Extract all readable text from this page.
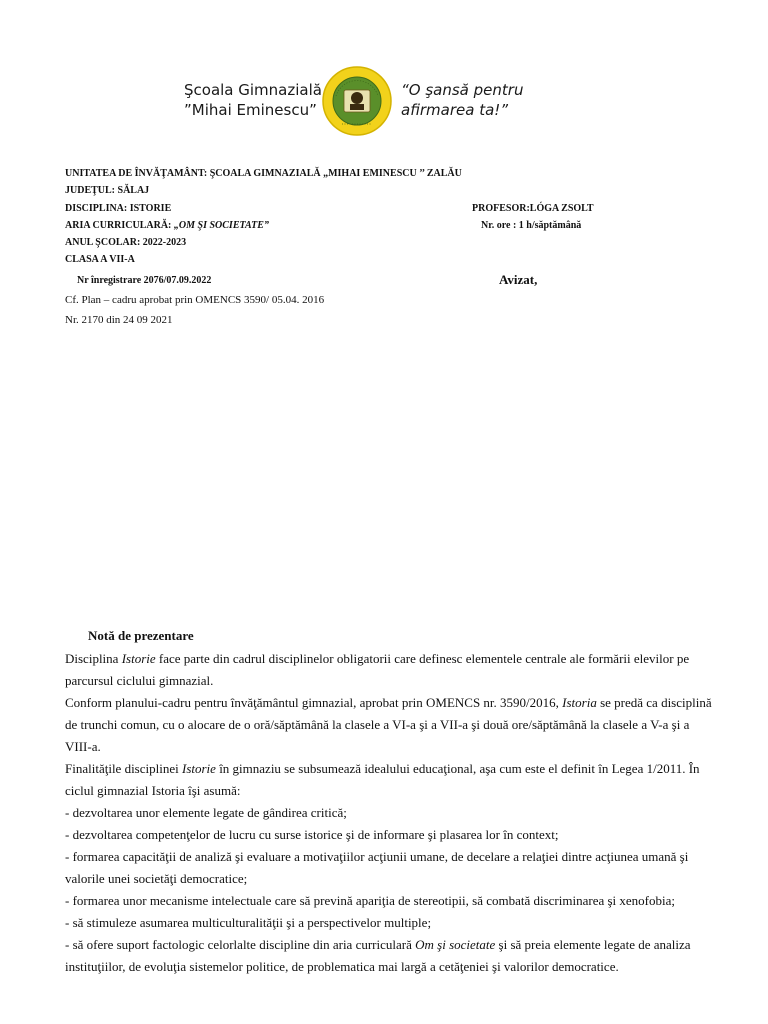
Şcoala Gimnazială
”Mihai Eminescu”
“O şansă pentru
afirmarea ta!”
UNITATEA DE ÎNVĂŢAMÂNT: ŞCOALA GIMNAZIALĂ „MIHAI EMINESCU ’’ ZALĂU
JUDEŢUL: SĂLAJ
DISCIPLINA: ISTORIE	PROFESOR:LÓGA ZSOLT
ARIA CURRICULARĂ: „OM ŞI SOCIETATE”	Nr. ore : 1 h/săptămână
ANUL ŞCOLAR: 2022-2023
CLASA A VII-A
Nr înregistrare 2076/07.09.2022	Avizat,
Cf. Plan – cadru aprobat prin OMENCS 3590/ 05.04. 2016
Nr. 2170 din 24 09 2021
Notă de prezentare

Disciplina Istorie face parte din cadrul disciplinelor obligatorii care definesc elementele centrale ale formării elevilor pe parcursul ciclului gimnazial.

Conform planului-cadru pentru învăţământul gimnazial, aprobat prin OMENCS nr. 3590/2016, Istoria se predă ca disciplină de trunchi comun, cu o alocare de o oră/săptămână la clasele a VI-a şi a VII-a şi două ore/săptămână la clasele a V-a şi a VIII-a.

Finalităţile disciplinei Istorie în gimnaziu se subsumează idealului educaţional, aşa cum este el definit în Legea 1/2011. În ciclul gimnazial Istoria îşi asumă:

- dezvoltarea unor elemente legate de gândirea critică;

- dezvoltarea competenţelor de lucru cu surse istorice şi de informare şi plasarea lor în context;

- formarea capacităţii de analiză şi evaluare a motivaţiilor acţiunii umane, de decelare a relaţiei dintre acţiunea umană şi valorile unei societăţi democratice;

- formarea unor mecanisme intelectuale care să prevină apariţia de stereotipii, să combată discriminarea şi xenofobia;

- să stimuleze asumarea multiculturalităţii şi a perspectivelor multiple;

- să ofere suport factologic celorlalte discipline din aria curriculară Om şi societate şi să preia elemente legate de analiza instituţiilor, de evoluţia sistemelor politice, de problematica mai largă a cetăţeniei şi valorilor democratice.
